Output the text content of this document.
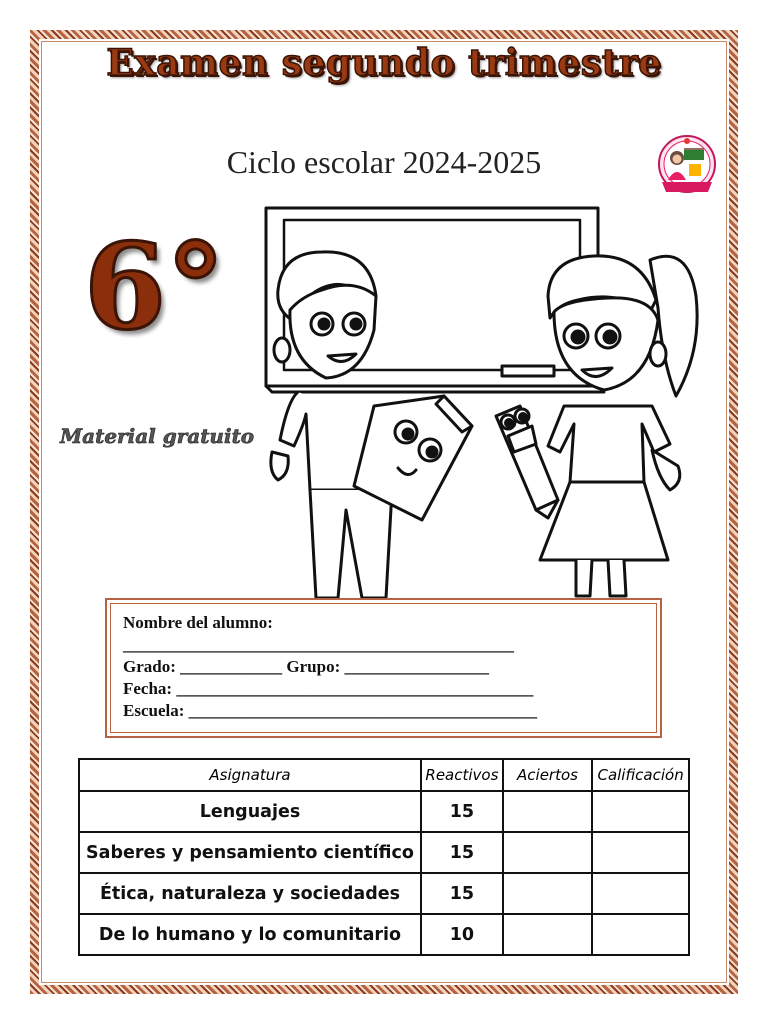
Examen segundo trimestre
Ciclo escolar 2024-2025
6°
Material gratuito
Nombre del alumno:
______________________________________________
Grado: ____________ Grupo: _________________
Fecha: __________________________________________
Escuela: _________________________________________
Asignatura	Reactivos	Aciertos	Calificación
Lenguajes	15		
Saberes y pensamiento científico	15		
Ética, naturaleza y sociedades	15		
De lo humano y lo comunitario	10		
